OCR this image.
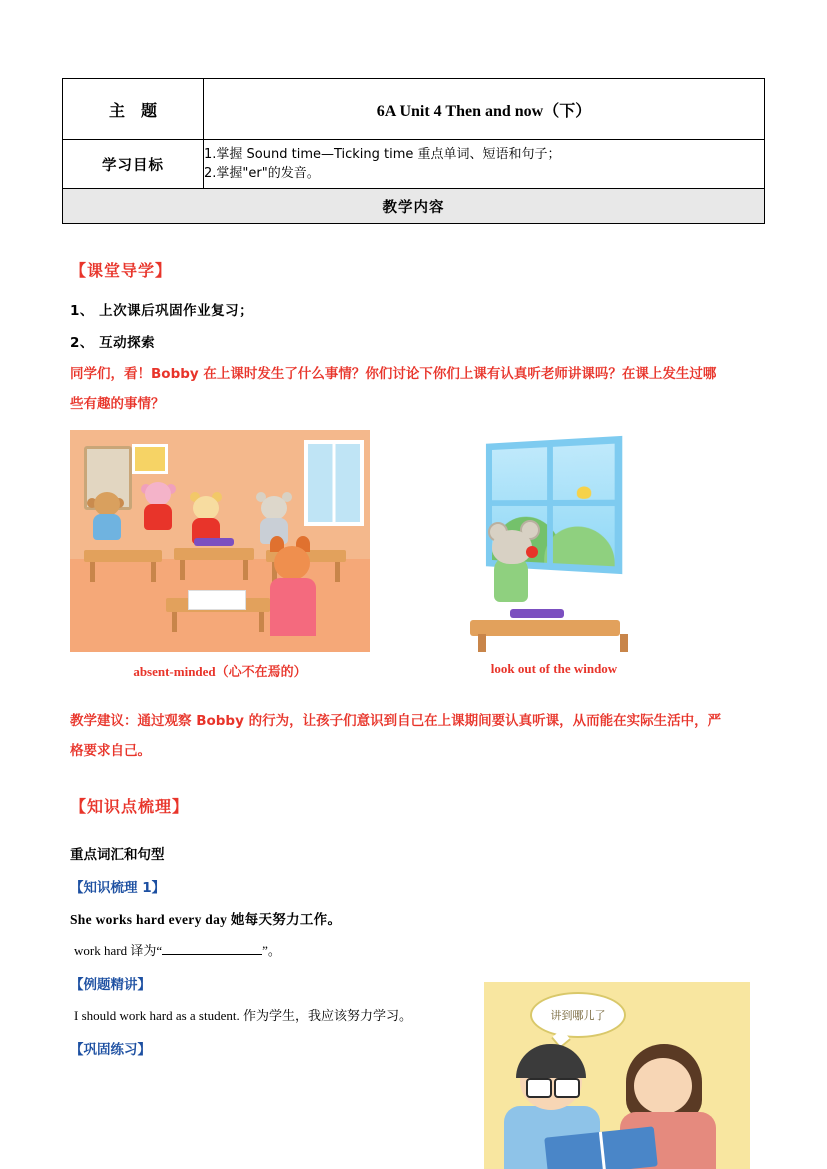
主题	6A Unit 4 Then and now（下）
学习目标	1.掌握 Sound time—Ticking time 重点单词、短语和句子；
2.掌握"er"的发音。

教学内容	
【课堂导学】
1、 上次课后巩固作业复习；
2、 互动探索
同学们，看！Bobby 在上课时发生了什么事情？你们讨论下你们上课有认真听老师讲课吗？在课上发生过哪
些有趣的事情？
absent-minded（心不在焉的）	look out of the window
教学建议：通过观察 Bobby 的行为，让孩子们意识到自己在上课期间要认真听课，从而能在实际生活中，严
格要求自己。
【知识点梳理】
重点词汇和句型
【知识梳理 1】
She works hard every day 她每天努力工作。
work hard 译为“	”。
【例题精讲】
I should work hard as a student. 作为学生，我应该努力学习。
【巩固练习】
讲到哪儿了
